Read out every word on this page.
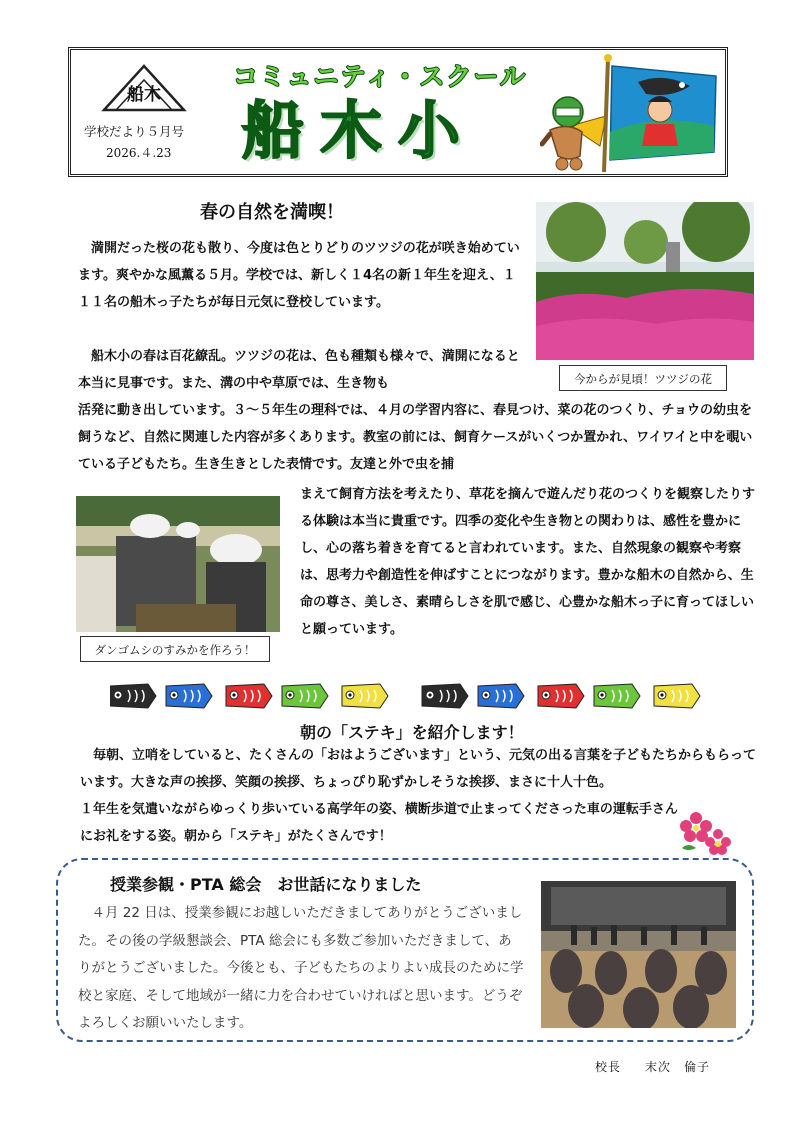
船木
学校だより５月号
2026.４.23
コミュニティ・スクール
船木小
春の自然を満喫！
　満開だった桜の花も散り、今度は色とりどりのツツジの花が咲き始めています。爽やかな風薫る５月。学校では、新しく１4名の新１年生を迎え、１１１名の船木っ子たちが毎日元気に登校しています。
　船木小の春は百花繚乱。ツツジの花は、色も種類も様々で、満開になると本当に見事です。また、溝の中や草原では、生き物も
活発に動き出しています。３～５年生の理科では、４月の学習内容に、春見つけ、菜の花のつくり、チョウの幼虫を飼うなど、自然に関連した内容が多くあります。教室の前には、飼育ケースがいくつか置かれ、ワイワイと中を覗いている子どもたち。生き生きとした表情です。友達と外で虫を捕
まえて飼育方法を考えたり、草花を摘んで遊んだり花のつくりを観察したりする体験は本当に貴重です。四季の変化や生き物との関わりは、感性を豊かにし、心の落ち着きを育てると言われています。また、自然現象の観察や考察は、思考力や創造性を伸ばすことにつながります。豊かな船木の自然から、生命の尊さ、美しさ、素晴らしさを肌で感じ、心豊かな船木っ子に育ってほしいと願っています。
今からが見頃！ツツジの花
ダンゴムシのすみかを作ろう！
朝の「ステキ」を紹介します！
　毎朝、立哨をしていると、たくさんの「おはようございます」という、元気の出る言葉を子どもたちからもらっています。大きな声の挨拶、笑顔の挨拶、ちょっぴり恥ずかしそうな挨拶、まさに十人十色。
１年生を気遣いながらゆっくり歩いている高学年の姿、横断歩道で止まってくださった車の運転手さんにお礼をする姿。朝から「ステキ」がたくさんです！
授業参観・PTA 総会　お世話になりました
　４月 22 日は、授業参観にお越しいただきましてありがとうございました。その後の学級懇談会、PTA 総会にも多数ご参加いただきまして、ありがとうございました。今後とも、子どもたちのよりよい成長のために学校と家庭、そして地域が一緒に力を合わせていければと思います。どうぞよろしくお願いいたします。
校長 末次　倫子
